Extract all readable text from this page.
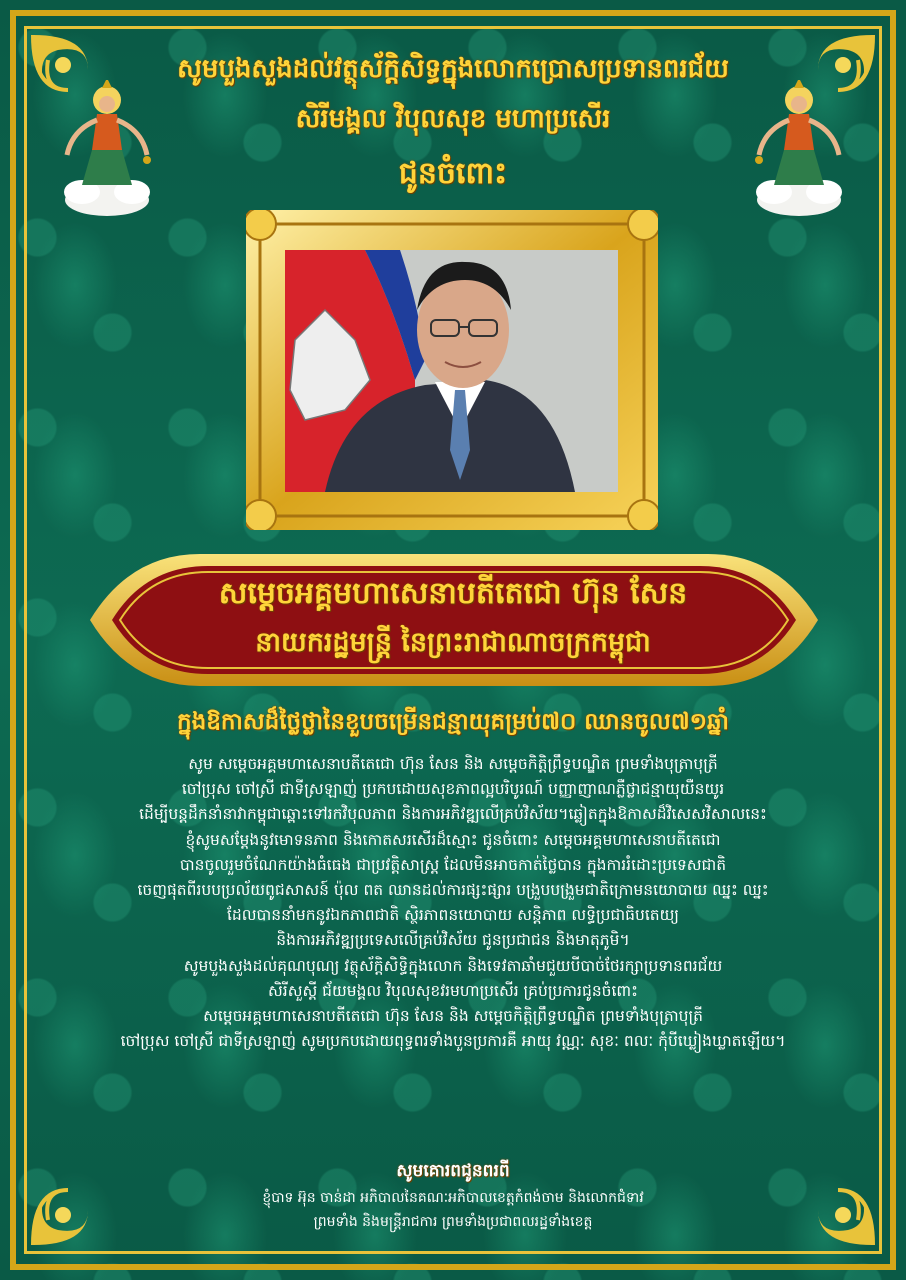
សូមបួងសួងដល់វត្ថុស័ក្តិសិទ្ធក្នុងលោកប្រោសប្រទានពរជ័យ
សិរីមង្គល វិបុលសុខ មហាប្រសើរ
ជូនចំពោះ
សម្តេចអគ្គមហាសេនាបតីតេជោ ហ៊ុន សែន
នាយករដ្ឋមន្ត្រី នៃព្រះរាជាណាចក្រកម្ពុជា
ក្នុងឱកាសដ៏ថ្លៃថ្លានៃខួបចម្រើនជន្មាយុគម្រប់៧០ ឈានចូល៧១ឆ្នាំ
សូម សម្តេចអគ្គមហាសេនាបតីតេជោ ហ៊ុន សែន និង សម្តេចកិត្តិព្រឹទ្ធបណ្ឌិត ព្រមទាំងបុត្រាបុត្រី
ចៅប្រុស ចៅស្រី ជាទីស្រឡាញ់ ប្រកបដោយសុខភាពល្អបរិបូរណ៍ បញ្ញាញាណភ្លឺថ្លាជន្មាយុយឺនយូរ
ដើម្បីបន្តដឹកនាំនាវាកម្ពុជាឆ្ពោះទៅរកវិបុលភាព និងការអភិវឌ្ឍលើគ្រប់វិស័យ។ឆ្លៀតក្នុងឱកាសដ៏វិសេសវិសាលនេះ
ខ្ញុំសូមសម្តែងនូវមោទនភាព និងកោតសរសើរដ៏ស្មោះ ជូនចំពោះ សម្តេចអគ្គមហាសេនាបតីតេជោ
បានចូលរួមចំណែកយ៉ាងធំធេង ជាប្រវត្តិសាស្ត្រ ដែលមិនអាចកាត់ថ្លៃបាន ក្នុងការរំដោះប្រទេសជាតិ
ចេញផុតពីរបបប្រល័យពូជសាសន៍ ប៉ុល ពត ឈានដល់ការផ្សះផ្សារ បង្រួបបង្រួមជាតិក្រោមនយោបាយ ឈ្នះ ឈ្នះ
ដែលបាននាំមកនូវឯកភាពជាតិ ស្ថិរភាពនយោបាយ សន្តិភាព លទ្ធិប្រជាធិបតេយ្យ
និងការអភិវឌ្ឍប្រទេសលើគ្រប់វិស័យ ជូនប្រជាជន និងមាតុភូមិ។
សូមបួងសួងដល់គុណបុណ្យ វត្ថុស័ក្តិសិទ្ធិក្នុងលោក និងទេវតាឆាំមជួយបីបាច់ថែរក្សាប្រទានពរជ័យ
សិរីសួស្តី ជ័យមង្គល វិបុលសុខវរមហាប្រសើរ គ្រប់ប្រការជូនចំពោះ
សម្តេចអគ្គមហាសេនាបតីតេជោ ហ៊ុន សែន និង សម្តេចកិត្តិព្រឹទ្ធបណ្ឌិត ព្រមទាំងបុត្រាបុត្រី
ចៅប្រុស ចៅស្រី ជាទីស្រឡាញ់ សូមប្រកបដោយពុទ្ធពរទាំងបួនប្រការគឺ អាយុ វណ្ណៈ សុខៈ ពលៈ កុំបីឃ្លៀងឃ្លាតឡើយ។
សូមគោរពជូនពរពី
ខ្ញុំបាទ អ៊ុន ចាន់ដា អភិបាលនៃគណៈអភិបាលខេត្តកំពង់ចាម និងលោកជំទាវ
ព្រមទាំង និងមន្ត្រីរាជការ ព្រមទាំងប្រជាពលរដ្ឋទាំងខេត្ត
